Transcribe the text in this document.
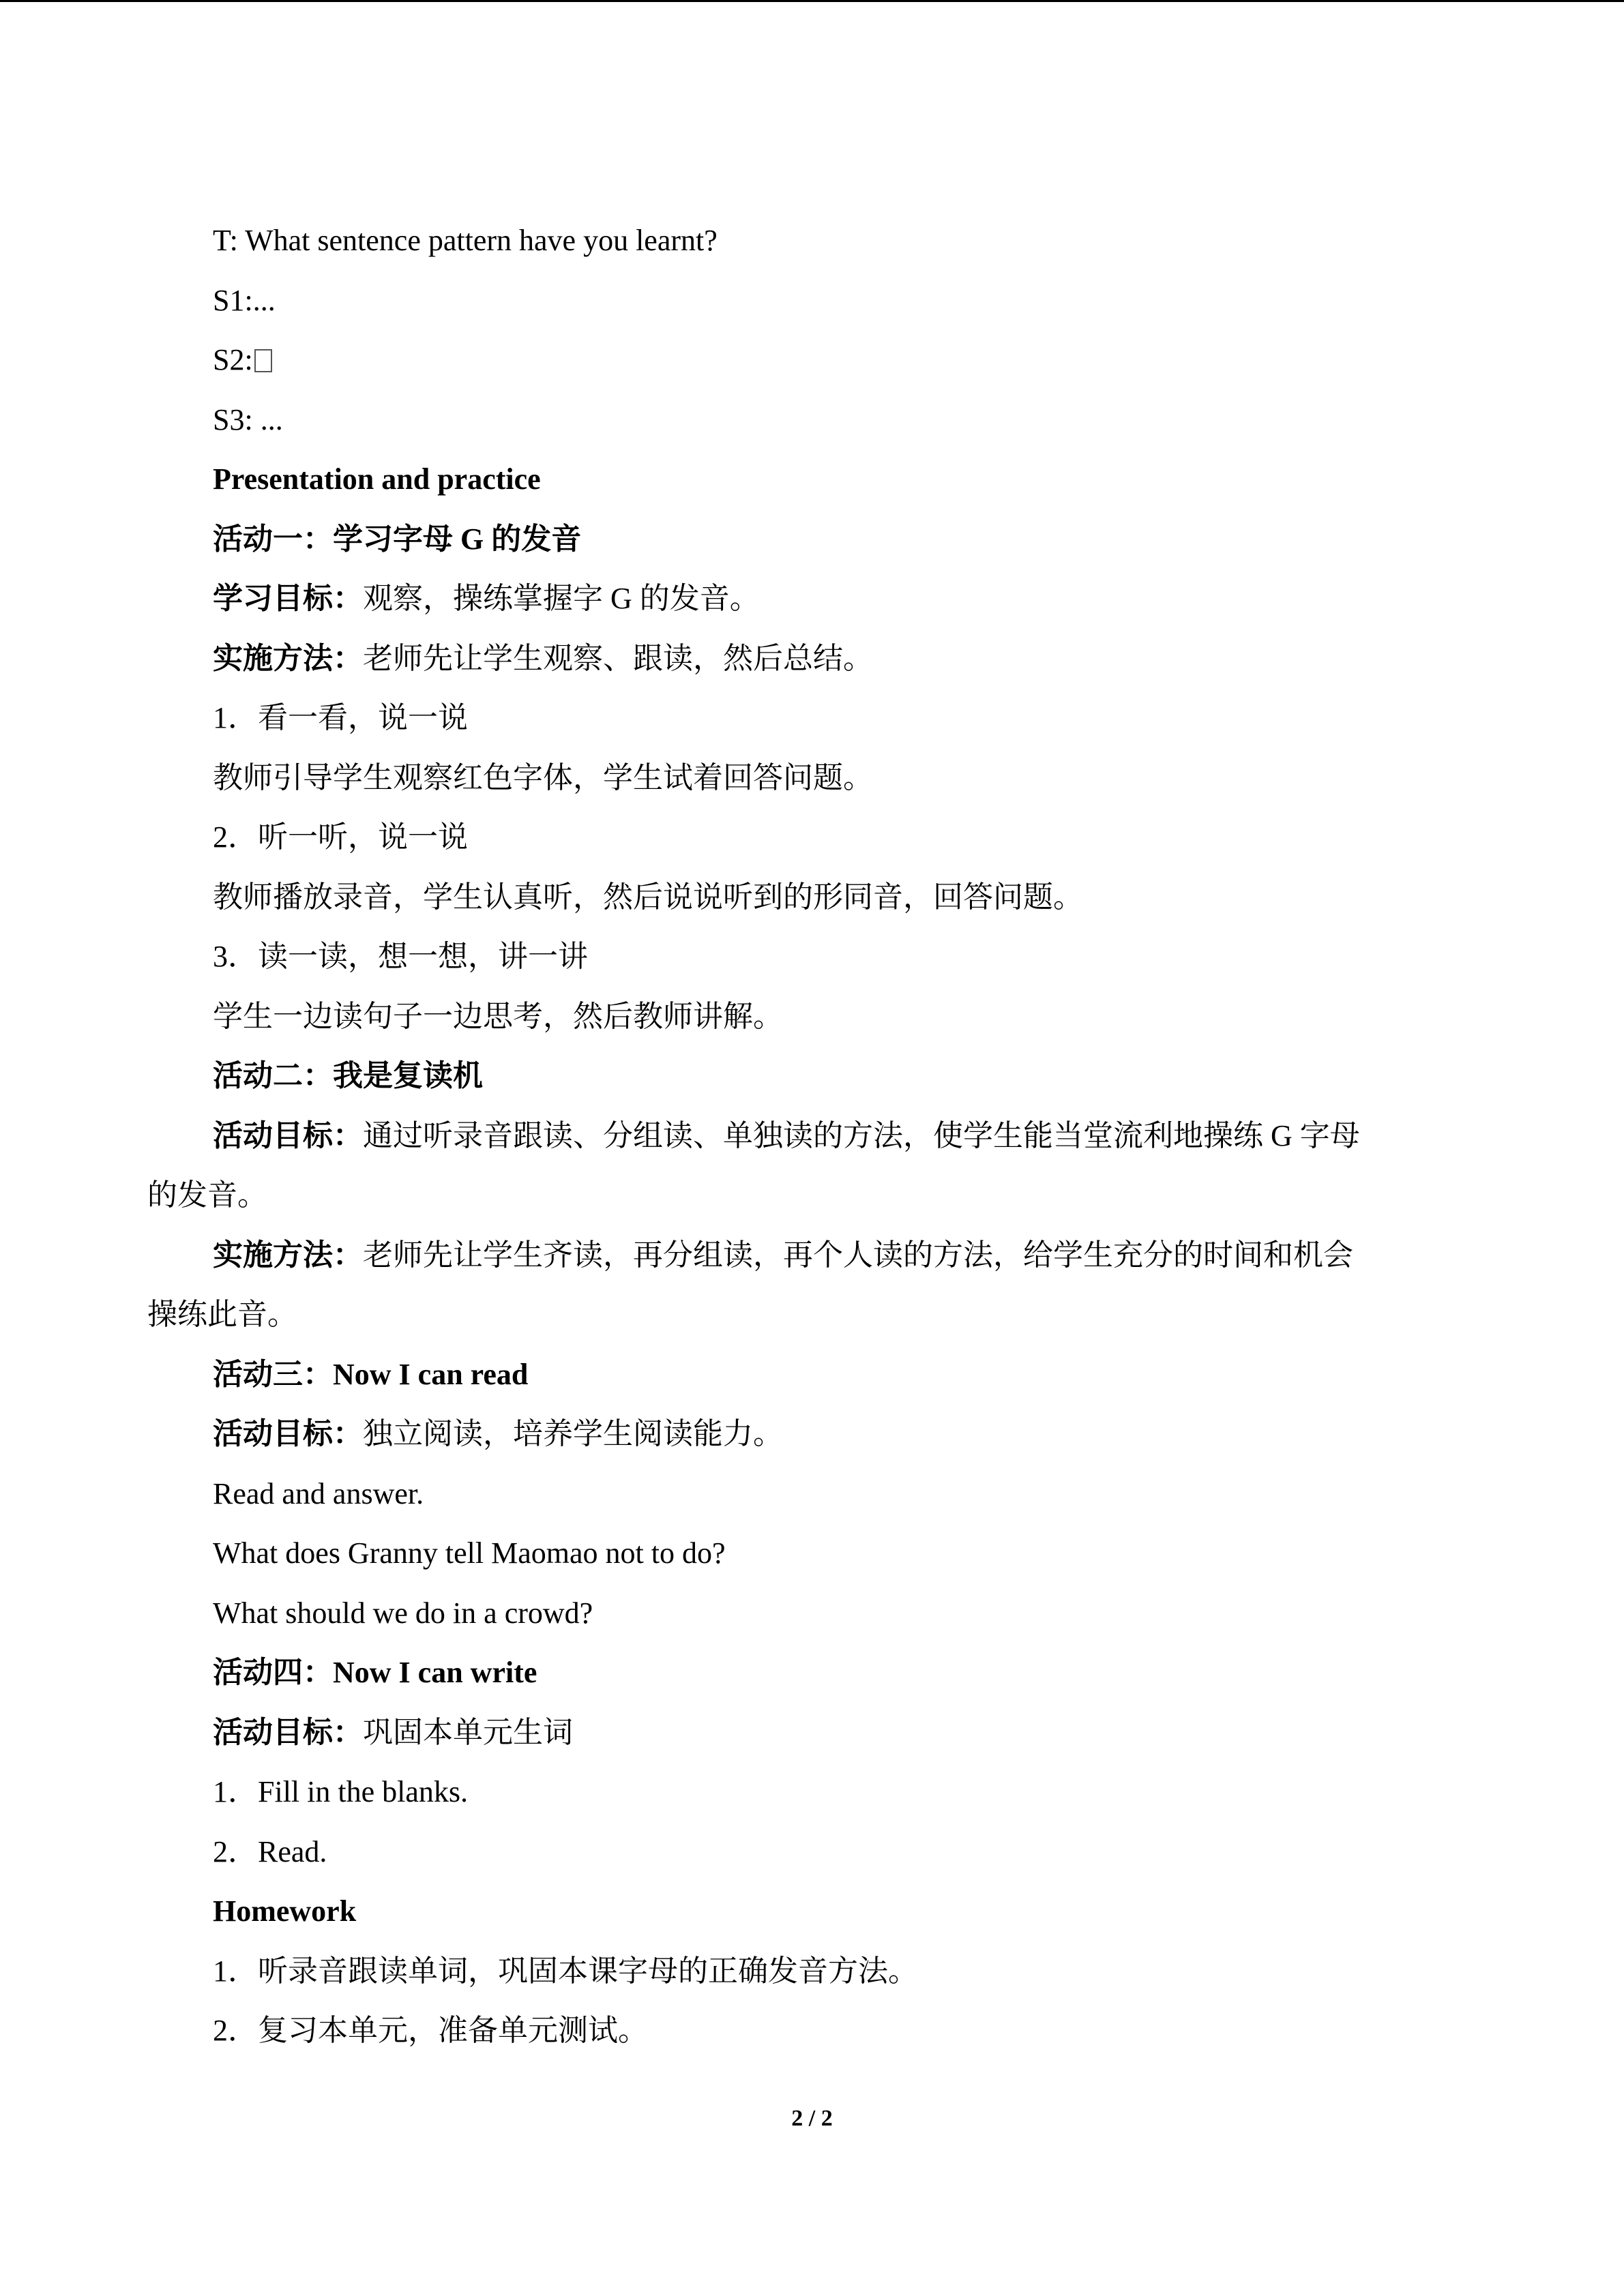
T: What sentence pattern have you learnt?
S1:...
S2:
S3: ...
Presentation and practice
活动一：学习字母 G 的发音
学习目标：观察，操练掌握字 G 的发音。
实施方法：老师先让学生观察、跟读，然后总结。
1．看一看，说一说
教师引导学生观察红色字体，学生试着回答问题。
2．听一听，说一说
教师播放录音，学生认真听，然后说说听到的形同音，回答问题。
3．读一读，想一想，讲一讲
学生一边读句子一边思考，然后教师讲解。
活动二：我是复读机
活动目标：通过听录音跟读、分组读、单独读的方法，使学生能当堂流利地操练 G 字母
的发音。
实施方法：老师先让学生齐读，再分组读，再个人读的方法，给学生充分的时间和机会
操练此音。
活动三：Now I can read
活动目标：独立阅读，培养学生阅读能力。
Read and answer.
What does Granny tell Maomao not to do?
What should we do in a crowd?
活动四：Now I can write
活动目标：巩固本单元生词
1．Fill in the blanks.
2．Read.
Homework
1．听录音跟读单词，巩固本课字母的正确发音方法。
2．复习本单元，准备单元测试。
2 / 2
